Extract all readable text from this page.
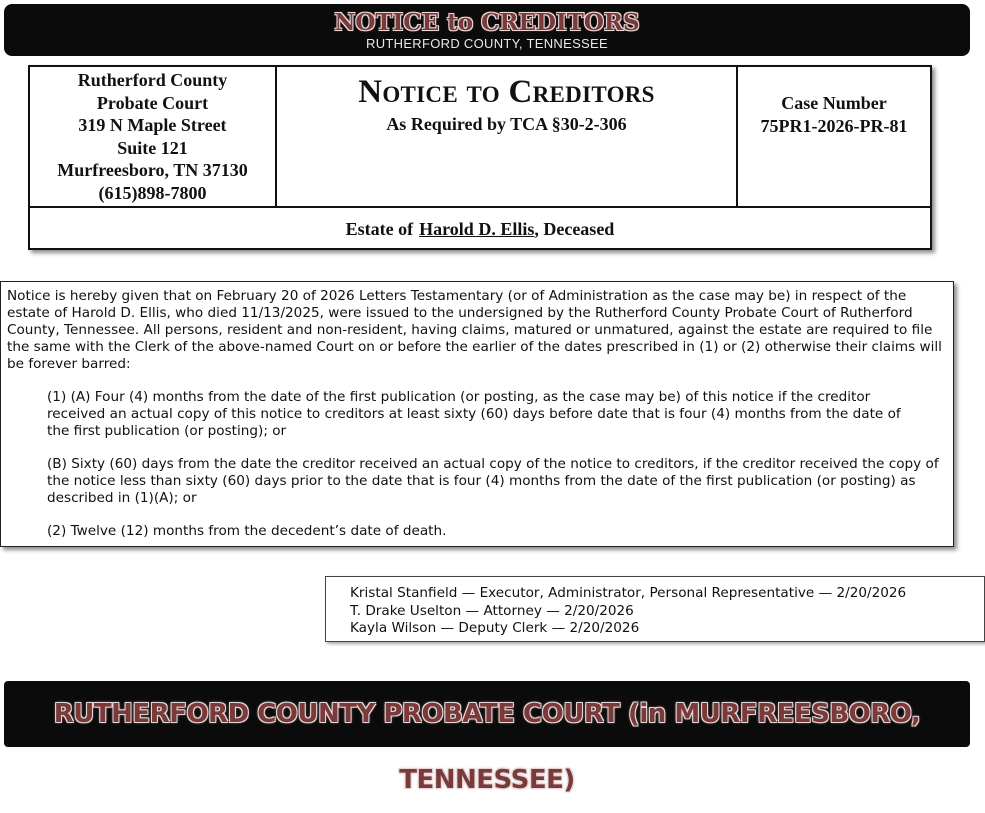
NOTICE to CREDITORS
RUTHERFORD COUNTY, TENNESSEE
Rutherford County
Probate Court
319 N Maple Street
Suite 121
Murfreesboro, TN 37130
(615)898-7800
Notice to Creditors
As Required by TCA §30-2-306
Case Number
75PR1-2026-PR-81
Estate of Harold D. Ellis, Deceased

Notice is hereby given that on February 20 of 2026 Letters Testamentary (or of Administration as the case may be) in respect of the estate of Harold D. Ellis, who died 11/13/2025, were issued to the undersigned by the Rutherford County Probate Court of Rutherford County, Tennessee. All persons, resident and non-resident, having claims, matured or unmatured, against the estate are required to file the same with the Clerk of the above-named Court on or before the earlier of the dates prescribed in (1) or (2) otherwise their claims will be forever barred:

(1) (A) Four (4) months from the date of the first publication (or posting, as the case may be) of this notice if the creditor received an actual copy of this notice to creditors at least sixty (60) days before date that is four (4) months from the date of the first publication (or posting); or

(B) Sixty (60) days from the date the creditor received an actual copy of the notice to creditors, if the creditor received the copy of the notice less than sixty (60) days prior to the date that is four (4) months from the date of the first publication (or posting) as described in (1)(A); or

(2) Twelve (12) months from the decedent’s date of death.

Kristal Stanfield — Executor, Administrator, Personal Representative — 2/20/2026
T. Drake Uselton — Attorney — 2/20/2026
Kayla Wilson — Deputy Clerk — 2/20/2026
RUTHERFORD COUNTY PROBATE COURT (in MURFREESBORO, TENNESSEE)
